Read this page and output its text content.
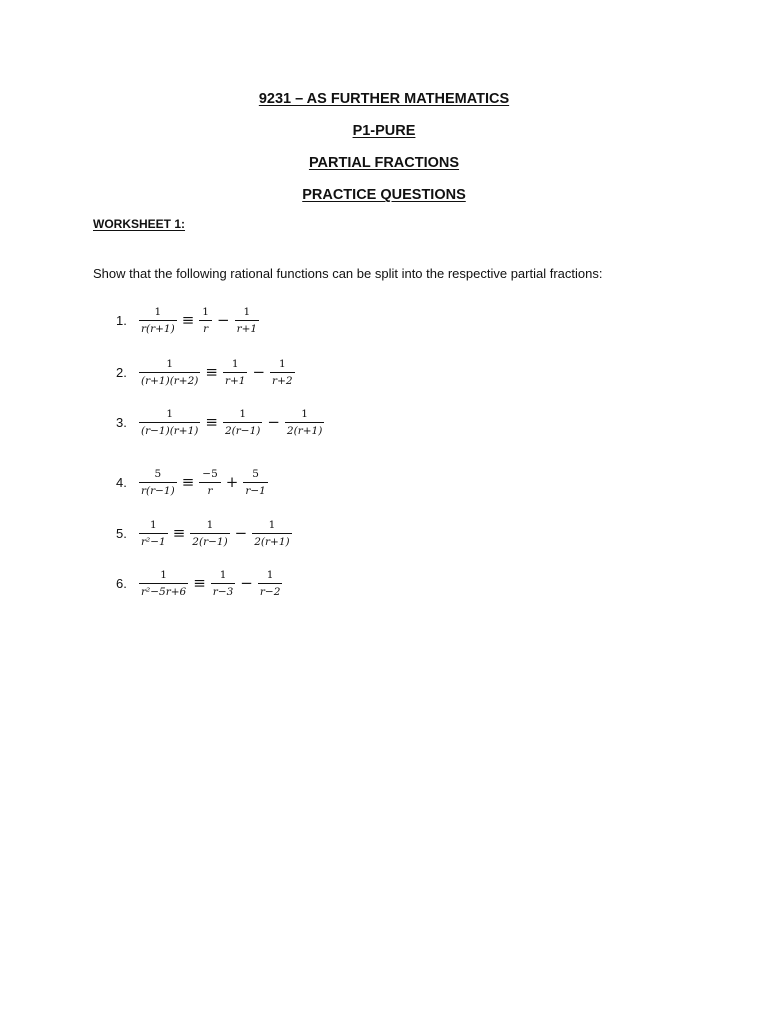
9231 – AS FURTHER MATHEMATICS
P1-PURE
PARTIAL FRACTIONS
PRACTICE QUESTIONS
WORKSHEET 1:
Show that the following rational functions can be split into the respective partial fractions:
1.	$\frac{1}{r(r+1)} \equiv \frac{1}{r} - \frac{1}{r+1}$
2.	$\frac{1}{(r+1)(r+2)} \equiv \frac{1}{r+1} - \frac{1}{r+2}$
3.	$\frac{1}{(r-1)(r+1)} \equiv \frac{1}{2(r-1)} - \frac{1}{2(r+1)}$
4.	$\frac{5}{r(r-1)} \equiv \frac{-5}{r} + \frac{5}{r-1}$
5.	$\frac{1}{\text{r²−1}} \equiv \frac{1}{2(r-1)} - \frac{1}{2(r+1)}$
6.	$\frac{1}{\text{r²−5r+6}} \equiv \frac{1}{r-3} - \frac{1}{r-2}$
